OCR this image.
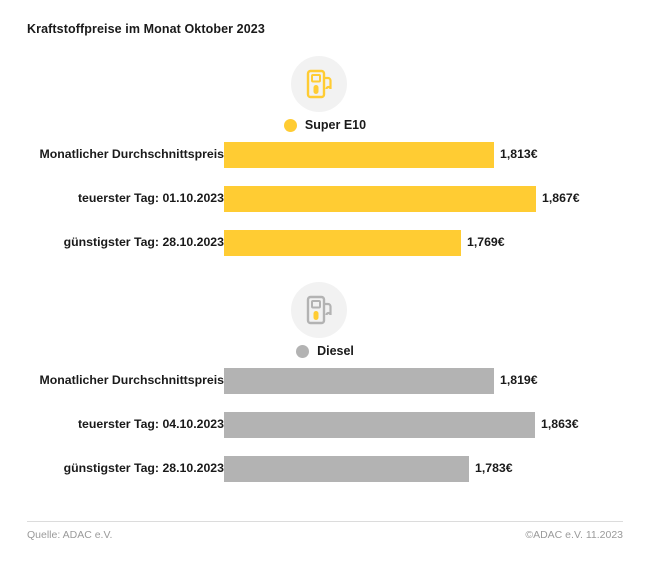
Kraftstoffpreise im Monat Oktober 2023
Super E10
Monatlicher Durchschnittspreis	1,813€
teuerster Tag: 01.10.2023	1,867€
günstigster Tag: 28.10.2023	1,769€
Diesel
Monatlicher Durchschnittspreis	1,819€
teuerster Tag: 04.10.2023	1,863€
günstigster Tag: 28.10.2023	1,783€
Quelle: ADAC e.V.	©ADAC e.V. 11.2023
